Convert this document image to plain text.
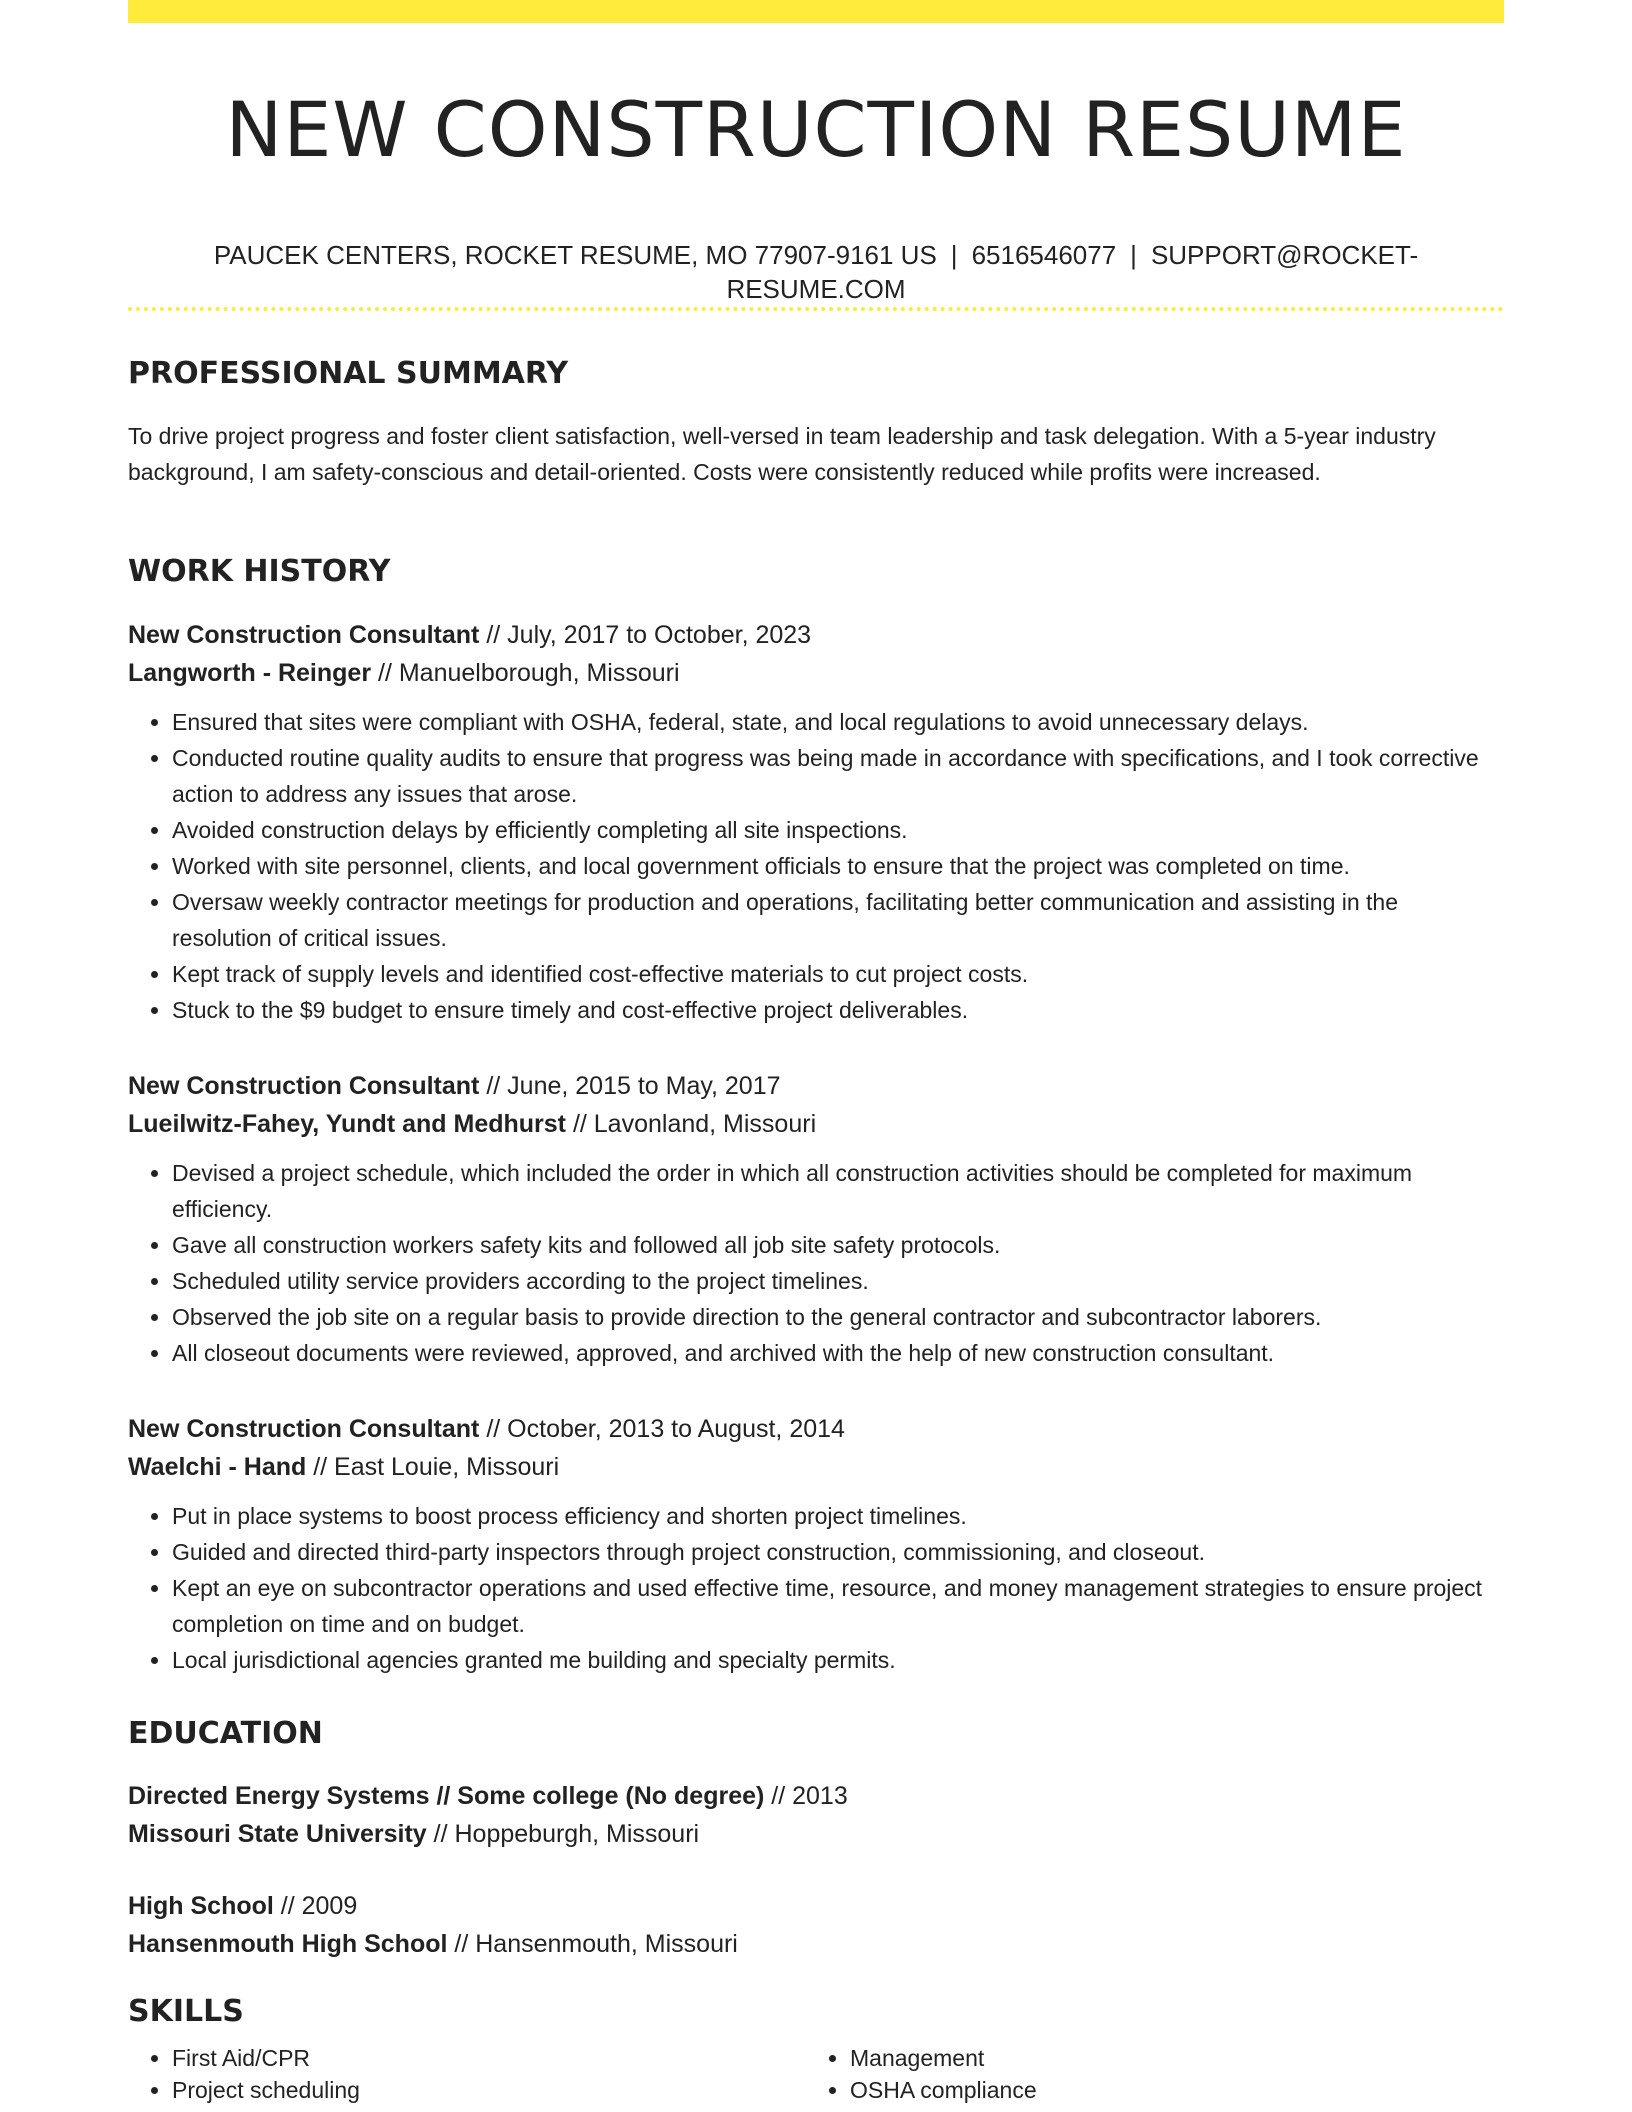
NEW CONSTRUCTION RESUME
PAUCEK CENTERS, ROCKET RESUME, MO 77907-9161 US | 6516546077 | SUPPORT@ROCKET-RESUME.COM
PROFESSIONAL SUMMARY

To drive project progress and foster client satisfaction, well-versed in team leadership and task delegation. With a 5-year industry background, I am safety-conscious and detail-oriented. Costs were consistently reduced while profits were increased.

WORK HISTORY
New Construction Consultant // July, 2017 to October, 2023
Langworth - Reinger // Manuelborough, Missouri
• Ensured that sites were compliant with OSHA, federal, state, and local regulations to avoid unnecessary delays.
• Conducted routine quality audits to ensure that progress was being made in accordance with specifications, and I took corrective action to address any issues that arose.
• Avoided construction delays by efficiently completing all site inspections.
• Worked with site personnel, clients, and local government officials to ensure that the project was completed on time.
• Oversaw weekly contractor meetings for production and operations, facilitating better communication and assisting in the resolution of critical issues.
• Kept track of supply levels and identified cost-effective materials to cut project costs.
• Stuck to the $9 budget to ensure timely and cost-effective project deliverables.
New Construction Consultant // June, 2015 to May, 2017
Lueilwitz-Fahey, Yundt and Medhurst // Lavonland, Missouri
• Devised a project schedule, which included the order in which all construction activities should be completed for maximum efficiency.
• Gave all construction workers safety kits and followed all job site safety protocols.
• Scheduled utility service providers according to the project timelines.
• Observed the job site on a regular basis to provide direction to the general contractor and subcontractor laborers.
• All closeout documents were reviewed, approved, and archived with the help of new construction consultant.
New Construction Consultant // October, 2013 to August, 2014
Waelchi - Hand // East Louie, Missouri
• Put in place systems to boost process efficiency and shorten project timelines.
• Guided and directed third-party inspectors through project construction, commissioning, and closeout.
• Kept an eye on subcontractor operations and used effective time, resource, and money management strategies to ensure project completion on time and on budget.
• Local jurisdictional agencies granted me building and specialty permits.
EDUCATION
Directed Energy Systems // Some college (No degree) // 2013
Missouri State University // Hoppeburgh, Missouri
High School // 2009
Hansenmouth High School // Hansenmouth, Missouri
SKILLS
• First Aid/CPR
• Project scheduling
• Management
• OSHA compliance
